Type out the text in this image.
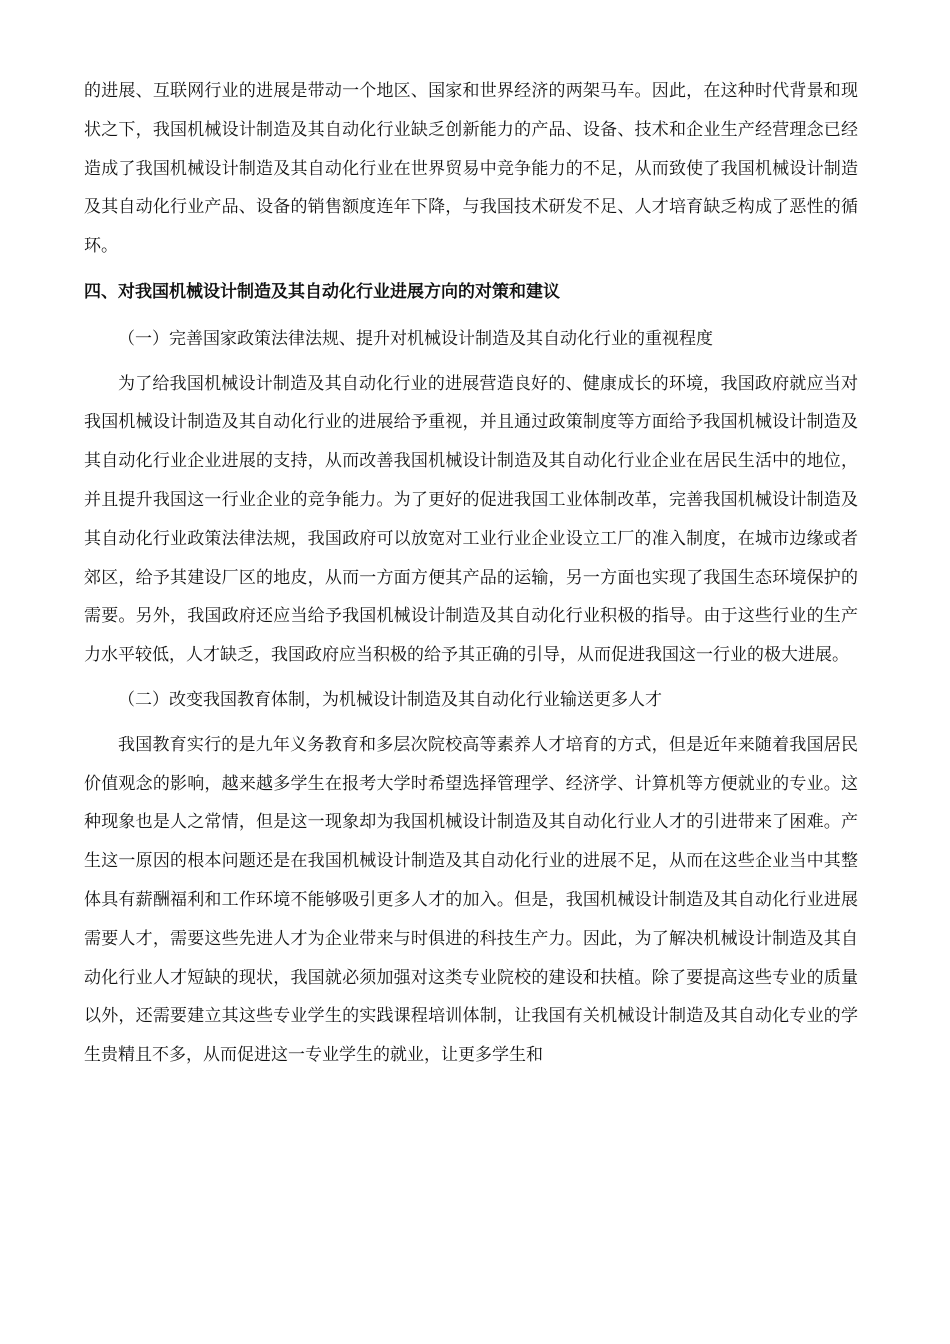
的进展、互联网行业的进展是带动一个地区、国家和世界经济的两架马车。因此，在这种时代背景和现状之下，我国机械设计制造及其自动化行业缺乏创新能力的产品、设备、技术和企业生产经营理念已经造成了我国机械设计制造及其自动化行业在世界贸易中竞争能力的不足，从而致使了我国机械设计制造及其自动化行业产品、设备的销售额度连年下降，与我国技术研发不足、人才培育缺乏构成了恶性的循环。

四、对我国机械设计制造及其自动化行业进展方向的对策和建议

（一）完善国家政策法律法规、提升对机械设计制造及其自动化行业的重视程度

为了给我国机械设计制造及其自动化行业的进展营造良好的、健康成长的环境，我国政府就应当对我国机械设计制造及其自动化行业的进展给予重视，并且通过政策制度等方面给予我国机械设计制造及其自动化行业企业进展的支持，从而改善我国机械设计制造及其自动化行业企业在居民生活中的地位，并且提升我国这一行业企业的竞争能力。为了更好的促进我国工业体制改革，完善我国机械设计制造及其自动化行业政策法律法规，我国政府可以放宽对工业行业企业设立工厂的准入制度，在城市边缘或者郊区，给予其建设厂区的地皮，从而一方面方便其产品的运输，另一方面也实现了我国生态环境保护的需要。另外，我国政府还应当给予我国机械设计制造及其自动化行业积极的指导。由于这些行业的生产力水平较低，人才缺乏，我国政府应当积极的给予其正确的引导，从而促进我国这一行业的极大进展。

（二）改变我国教育体制，为机械设计制造及其自动化行业输送更多人才

我国教育实行的是九年义务教育和多层次院校高等素养人才培育的方式，但是近年来随着我国居民价值观念的影响，越来越多学生在报考大学时希望选择管理学、经济学、计算机等方便就业的专业。这种现象也是人之常情，但是这一现象却为我国机械设计制造及其自动化行业人才的引进带来了困难。产生这一原因的根本问题还是在我国机械设计制造及其自动化行业的进展不足，从而在这些企业当中其整体具有薪酬福利和工作环境不能够吸引更多人才的加入。但是，我国机械设计制造及其自动化行业进展需要人才，需要这些先进人才为企业带来与时俱进的科技生产力。因此，为了解决机械设计制造及其自动化行业人才短缺的现状，我国就必须加强对这类专业院校的建设和扶植。除了要提高这些专业的质量以外，还需要建立其这些专业学生的实践课程培训体制，让我国有关机械设计制造及其自动化专业的学生贵精且不多，从而促进这一专业学生的就业，让更多学生和
